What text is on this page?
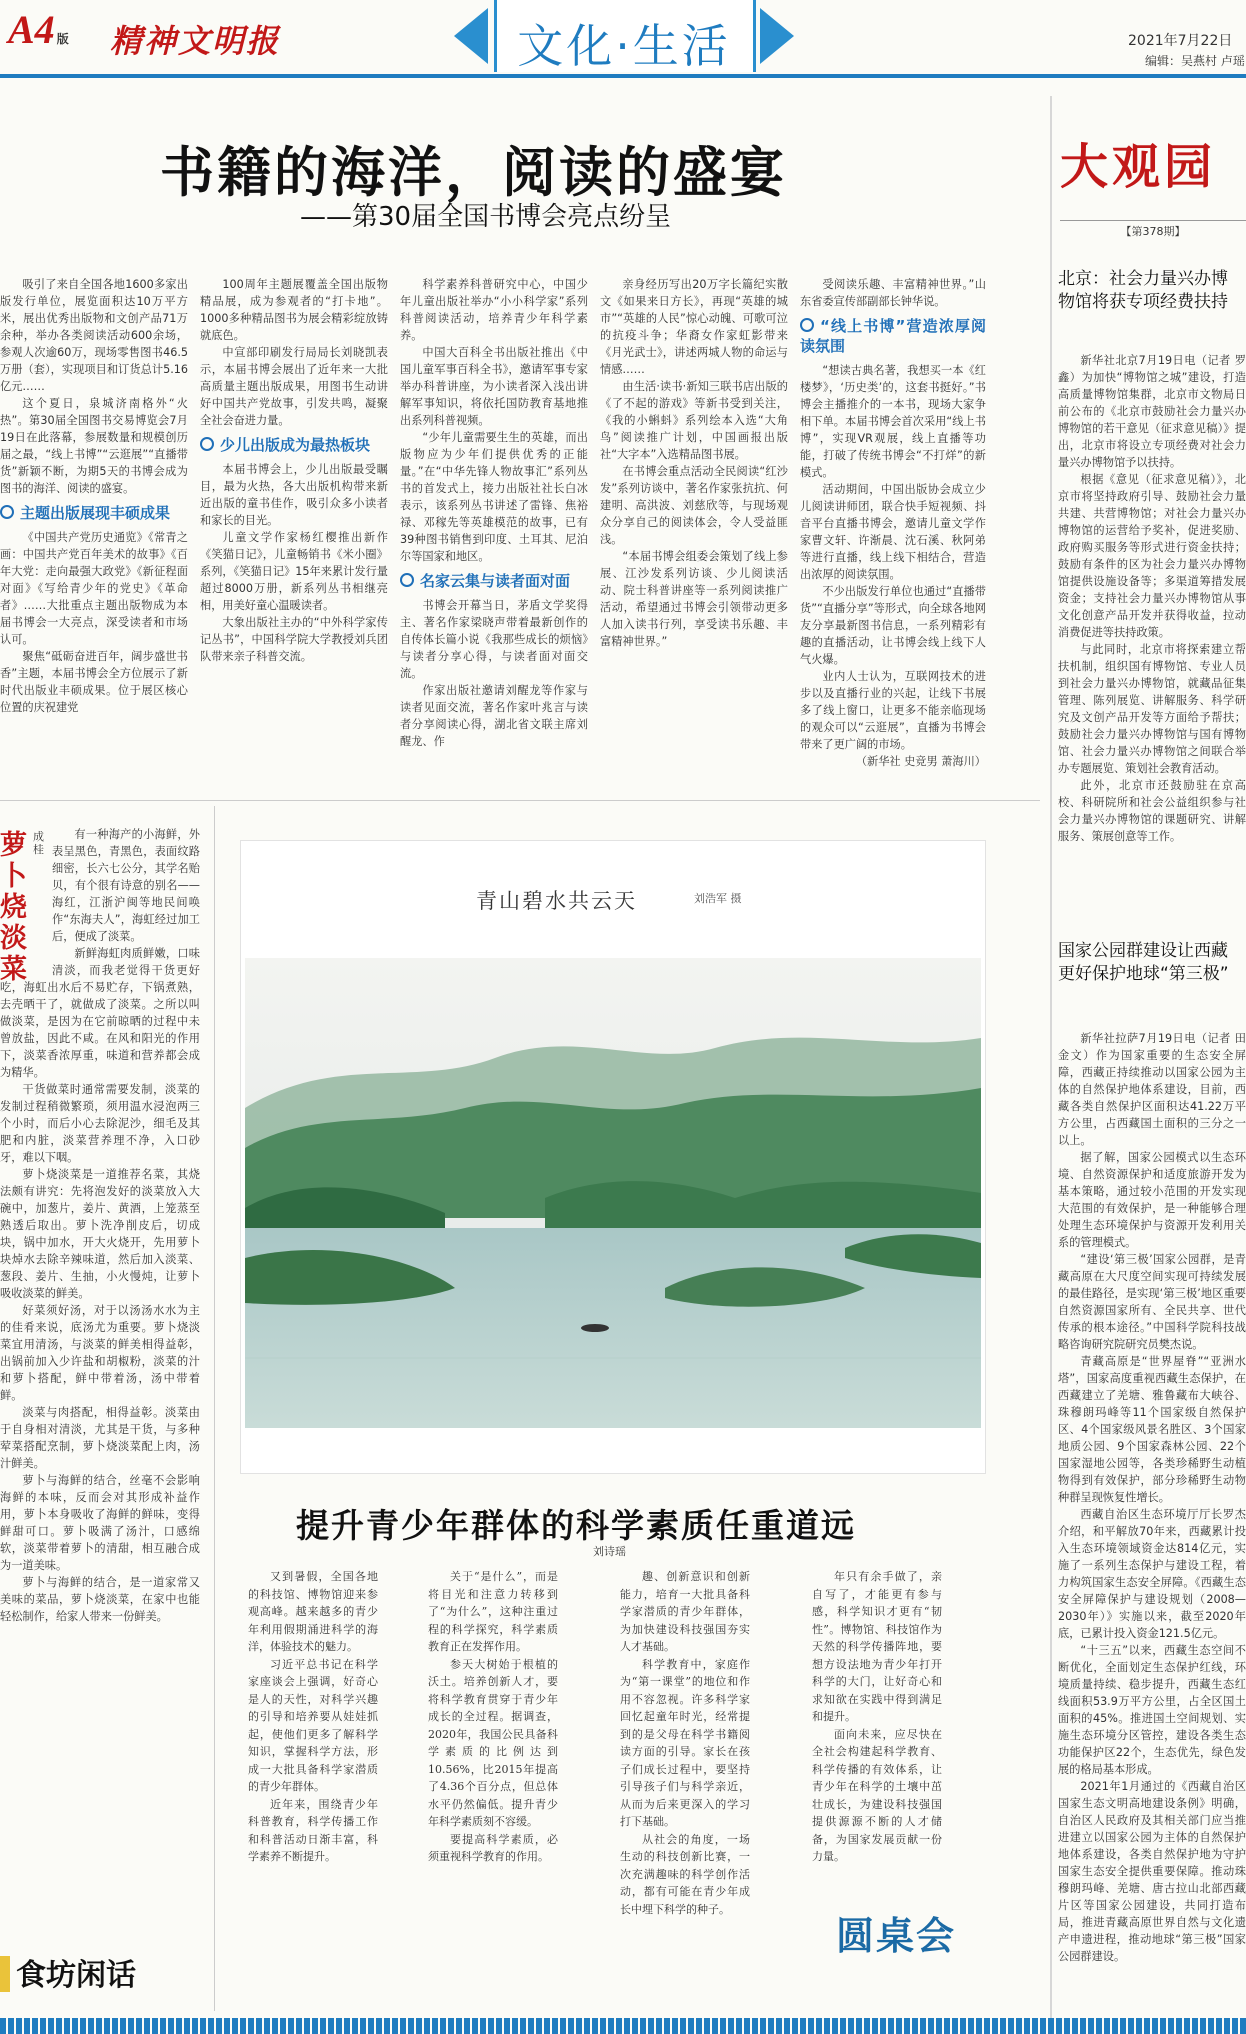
A4 版 精神文明报	文化·生活	2021年7月22日
编辑：吴燕村 卢瑶
书籍的海洋，阅读的盛宴
——第30届全国书博会亮点纷呈

吸引了来自全国各地1600多家出版发行单位，展览面积达10万平方米，展出优秀出版物和文创产品71万余种，举办各类阅读活动600余场，参观人次逾60万，现场零售图书46.5万册（套），实现项目和订货总计5.16亿元……

这个夏日，泉城济南格外“火热”。第30届全国图书交易博览会7月19日在此落幕，参展数量和规模创历届之最，“线上书博”“云逛展”“直播带货”新颖不断，为期5天的书博会成为图书的海洋、阅读的盛宴。

主题出版展现丰硕成果

《中国共产党历史通览》《常青之画：中国共产党百年美术的故事》《百年大党：走向最强大政党》《新征程面对面》《写给青少年的党史》《革命者》……大批重点主题出版物成为本届书博会一大亮点，深受读者和市场认可。

聚焦“砥砺奋进百年，阔步盛世书香”主题，本届书博会全方位展示了新时代出版业丰硕成果。位于展区核心位置的庆祝建党

100周年主题展覆盖全国出版物精品展，成为参观者的“打卡地”。1000多种精品图书为展会精彩绽放铸就底色。

中宣部印刷发行局局长刘晓凯表示，本届书博会展出了近年来一大批高质量主题出版成果，用图书生动讲好中国共产党故事，引发共鸣，凝聚全社会奋进力量。

少儿出版成为最热板块

本届书博会上，少儿出版最受瞩目，最为火热，各大出版机构带来新近出版的童书佳作，吸引众多小读者和家长的目光。

儿童文学作家杨红樱推出新作《笑猫日记》，儿童畅销书《米小圈》系列，《笑猫日记》15年来累计发行量超过8000万册，新系列丛书相继亮相，用美好童心温暖读者。

大象出版社主办的“中外科学家传记丛书”，中国科学院大学教授刘兵团队带来亲子科普交流。

科学素养科普研究中心，中国少年儿童出版社举办“小小科学家”系列科普阅读活动，培养青少年科学素养。

中国大百科全书出版社推出《中国儿童军事百科全书》，邀请军事专家举办科普讲座，为小读者深入浅出讲解军事知识，将依托国防教育基地推出系列科普视频。

“少年儿童需要生生的英雄，而出版物应为少年们提供优秀的正能量。”在“中华先锋人物故事汇”系列丛书的首发式上，接力出版社社长白冰表示，该系列丛书讲述了雷锋、焦裕禄、邓稼先等英雄模范的故事，已有39种图书销售到印度、土耳其、尼泊尔等国家和地区。

名家云集与读者面对面

书博会开幕当日，茅盾文学奖得主、著名作家梁晓声带着最新创作的自传体长篇小说《我那些成长的烦恼》与读者分享心得，与读者面对面交流。

作家出版社邀请刘醒龙等作家与读者见面交流，著名作家叶兆言与读者分享阅读心得，湖北省文联主席刘醒龙、作

亲身经历写出20万字长篇纪实散文《如果来日方长》，再现“英雄的城市”“英雄的人民”惊心动魄、可歌可泣的抗疫斗争；华裔女作家虹影带来《月光武士》，讲述两城人物的命运与情感……

由生活·读书·新知三联书店出版的《了不起的游戏》等新书受到关注，《我的小蝌蚪》系列绘本入选“大角鸟”阅读推广计划，中国画报出版社“大字本”入选精品图书展。

在书博会重点活动全民阅读“红沙发”系列访谈中，著名作家张抗抗、何建明、高洪波、刘慈欣等，与现场观众分享自己的阅读体会，令人受益匪浅。

“本届书博会组委会策划了线上参展、江沙发系列访谈、少儿阅读活动、院士科普讲座等一系列阅读推广活动，希望通过书博会引领带动更多人加入读书行列，享受读书乐趣、丰富精神世界。”

受阅读乐趣、丰富精神世界。”山东省委宣传部副部长钟华说。

“线上书博”营造浓厚阅读氛围

“想读古典名著，我想买一本《红楼梦》，‘历史类’的，这套书挺好。”书博会主播推介的一本书，现场大家争相下单。本届书博会首次采用“线上书博”，实现VR观展，线上直播等功能，打破了传统书博会“不打烊”的新模式。

活动期间，中国出版协会成立少儿阅读讲师团，联合快手短视频、抖音平台直播书博会，邀请儿童文学作家曹文轩、许渐晨、沈石溪、秋阿弟等进行直播，线上线下相结合，营造出浓厚的阅读氛围。

不少出版发行单位也通过“直播带货”“直播分享”等形式，向全球各地网友分享最新图书信息，一系列精彩有趣的直播活动，让书博会线上线下人气火爆。

业内人士认为，互联网技术的进步以及直播行业的兴起，让线下书展多了线上窗口，让更多不能亲临现场的观众可以“云逛展”，直播为书博会带来了更广阔的市场。

（新华社 史竞男 萧海川）

大观园
【第378期】
北京：社会力量兴办博物馆将获专项经费扶持

新华社北京7月19日电（记者 罗鑫）为加快“博物馆之城”建设，打造高质量博物馆集群，北京市文物局日前公布的《北京市鼓励社会力量兴办博物馆的若干意见（征求意见稿）》提出，北京市将设立专项经费对社会力量兴办博物馆予以扶持。

根据《意见（征求意见稿）》，北京市将坚持政府引导、鼓励社会力量共建、共营博物馆；对社会力量兴办博物馆的运营给予奖补，促进奖励、政府购买服务等形式进行资金扶持；鼓励有条件的区为社会力量兴办博物馆提供设施设备等；多渠道筹措发展资金；支持社会力量兴办博物馆从事文化创意产品开发并获得收益，拉动消费促进等扶持政策。

与此同时，北京市将探索建立帮扶机制，组织国有博物馆、专业人员到社会力量兴办博物馆，就藏品征集管理、陈列展览、讲解服务、科学研究及文创产品开发等方面给予帮扶；鼓励社会力量兴办博物馆与国有博物馆、社会力量兴办博物馆之间联合举办专题展览、策划社会教育活动。

此外，北京市还鼓励驻在京高校、科研院所和社会公益组织参与社会力量兴办博物馆的课题研究、讲解服务、策展创意等工作。

国家公园群建设让西藏更好保护地球“第三极”

新华社拉萨7月19日电（记者 田金文）作为国家重要的生态安全屏障，西藏正持续推动以国家公园为主体的自然保护地体系建设，目前，西藏各类自然保护区面积达41.22万平方公里，占西藏国土面积的三分之一以上。

据了解，国家公园模式以生态环境、自然资源保护和适度旅游开发为基本策略，通过较小范围的开发实现大范围的有效保护，是一种能够合理处理生态环境保护与资源开发利用关系的管理模式。

“建设‘第三极’国家公园群，是青藏高原在大尺度空间实现可持续发展的最佳路径，是实现‘第三极’地区重要自然资源国家所有、全民共享、世代传承的根本途径。”中国科学院科技战略咨询研究院研究员樊杰说。

青藏高原是“世界屋脊”“亚洲水塔”，国家高度重视西藏生态保护，在西藏建立了羌塘、雅鲁藏布大峡谷、珠穆朗玛峰等11个国家级自然保护区、4个国家级风景名胜区、3个国家地质公园、9个国家森林公园、22个国家湿地公园等，各类珍稀野生动植物得到有效保护，部分珍稀野生动物种群呈现恢复性增长。

西藏自治区生态环境厅厅长罗杰介绍，和平解放70年来，西藏累计投入生态环境领域资金达814亿元，实施了一系列生态保护与建设工程，着力构筑国家生态安全屏障。《西藏生态安全屏障保护与建设规划（2008—2030年）》实施以来，截至2020年底，已累计投入资金121.5亿元。

“十三五”以来，西藏生态空间不断优化，全面划定生态保护红线，环境质量持续、稳步提升，西藏生态红线面积53.9万平方公里，占全区国土面积的45%。推进国土空间规划、实施生态环境分区管控，建设各类生态功能保护区22个，生态优先，绿色发展的格局基本形成。

2021年1月通过的《西藏自治区国家生态文明高地建设条例》明确，自治区人民政府及其相关部门应当推进建立以国家公园为主体的自然保护地体系建设，各类自然保护地为守护国家生态安全提供重要保障。推动珠穆朗玛峰、羌塘、唐古拉山北部西藏片区等国家公园建设，共同打造布局，推进青藏高原世界自然与文化遗产申遗进程，推动地球“第三极”国家公园群建设。

萝卜烧淡菜
成 桂

有一种海产的小海鲜，外表呈黑色，青黑色，表面纹路细密，长六七公分，其学名贻贝，有个很有诗意的别名——海红，江浙沪闽等地民间唤作“东海夫人”，海虹经过加工后，便成了淡菜。

新鲜海虹肉质鲜嫩，口味清淡，而我老觉得干货更好吃，海虹出水后不易贮存，下锅煮熟，去壳晒干了，就做成了淡菜。之所以叫做淡菜，是因为在它前晾晒的过程中未曾放盐，因此不咸。在风和阳光的作用下，淡菜香浓厚重，味道和营养都会成为精华。

干货做菜时通常需要发制，淡菜的发制过程稍微繁琐，须用温水浸泡两三个小时，而后小心去除泥沙，细毛及其肥和内脏，淡菜营养理不净，入口砂牙，难以下咽。

萝卜烧淡菜是一道推荐名菜，其烧法颇有讲究：先将泡发好的淡菜放入大碗中，加葱片，姜片、黄酒，上笼蒸至熟透后取出。萝卜洗净削皮后，切成块，锅中加水，开大火烧开，先用萝卜块焯水去除辛辣味道，然后加入淡菜、葱段、姜片、生抽，小火慢炖，让萝卜吸收淡菜的鲜美。

好菜须好汤，对于以汤汤水水为主的佳肴来说，底汤尤为重要。萝卜烧淡菜宜用清汤，与淡菜的鲜美相得益彰，出锅前加入少许盐和胡椒粉，淡菜的汁和萝卜搭配，鲜中带着汤，汤中带着鲜。

淡菜与肉搭配，相得益彰。淡菜由于自身相对清淡，尤其是干货，与多种荤菜搭配烹制，萝卜烧淡菜配上肉，汤汁鲜美。

萝卜与海鲜的结合，丝毫不会影响海鲜的本味，反而会对其形成补益作用，萝卜本身吸收了海鲜的鲜味，变得鲜甜可口。萝卜吸满了汤汁，口感绵软，淡菜带着萝卜的清甜，相互融合成为一道美味。

萝卜与海鲜的结合，是一道家常又美味的菜品，萝卜烧淡菜，在家中也能轻松制作，给家人带来一份鲜美。

食坊闲话
青山碧水共云天	刘浩军 摄
提升青少年群体的科学素质任重道远
刘诗瑶

又到暑假，全国各地的科技馆、博物馆迎来参观高峰。越来越多的青少年利用假期涌进科学的海洋，体验技术的魅力。

习近平总书记在科学家座谈会上强调，好奇心是人的天性，对科学兴趣的引导和培养要从娃娃抓起，使他们更多了解科学知识，掌握科学方法，形成一大批具备科学家潜质的青少年群体。

近年来，围绕青少年科普教育，科学传播工作和科普活动日渐丰富，科学素养不断提升。

关于“是什么”，而是将目光和注意力转移到了“为什么”，这种注重过程的科学探究，科学素质教育正在发挥作用。

参天大树始于根植的沃土。培养创新人才，要将科学教育贯穿于青少年成长的全过程。据调查，2020年，我国公民具备科学素质的比例达到10.56%，比2015年提高了4.36个百分点，但总体水平仍然偏低。提升青少年科学素质刻不容缓。

要提高科学素质，必须重视科学教育的作用。

趣、创新意识和创新能力，培育一大批具备科学家潜质的青少年群体，为加快建设科技强国夯实人才基础。

科学教育中，家庭作为“第一课堂”的地位和作用不容忽视。许多科学家回忆起童年时光，经常提到的是父母在科学书籍阅读方面的引导。家长在孩子们成长过程中，要坚持引导孩子们与科学亲近，从而为后来更深入的学习打下基础。

从社会的角度，一场生动的科技创新比赛，一次充满趣味的科学创作活动，都有可能在青少年成长中埋下科学的种子。

年只有余手做了，亲自写了，才能更有参与感，科学知识才更有“韧性”。博物馆、科技馆作为天然的科学传播阵地，要想方设法地为青少年打开科学的大门，让好奇心和求知欲在实践中得到满足和提升。

面向未来，应尽快在全社会构建起科学教育、科学传播的有效体系，让青少年在科学的土壤中茁壮成长，为建设科技强国提供源源不断的人才储备，为国家发展贡献一份力量。

圆桌会
